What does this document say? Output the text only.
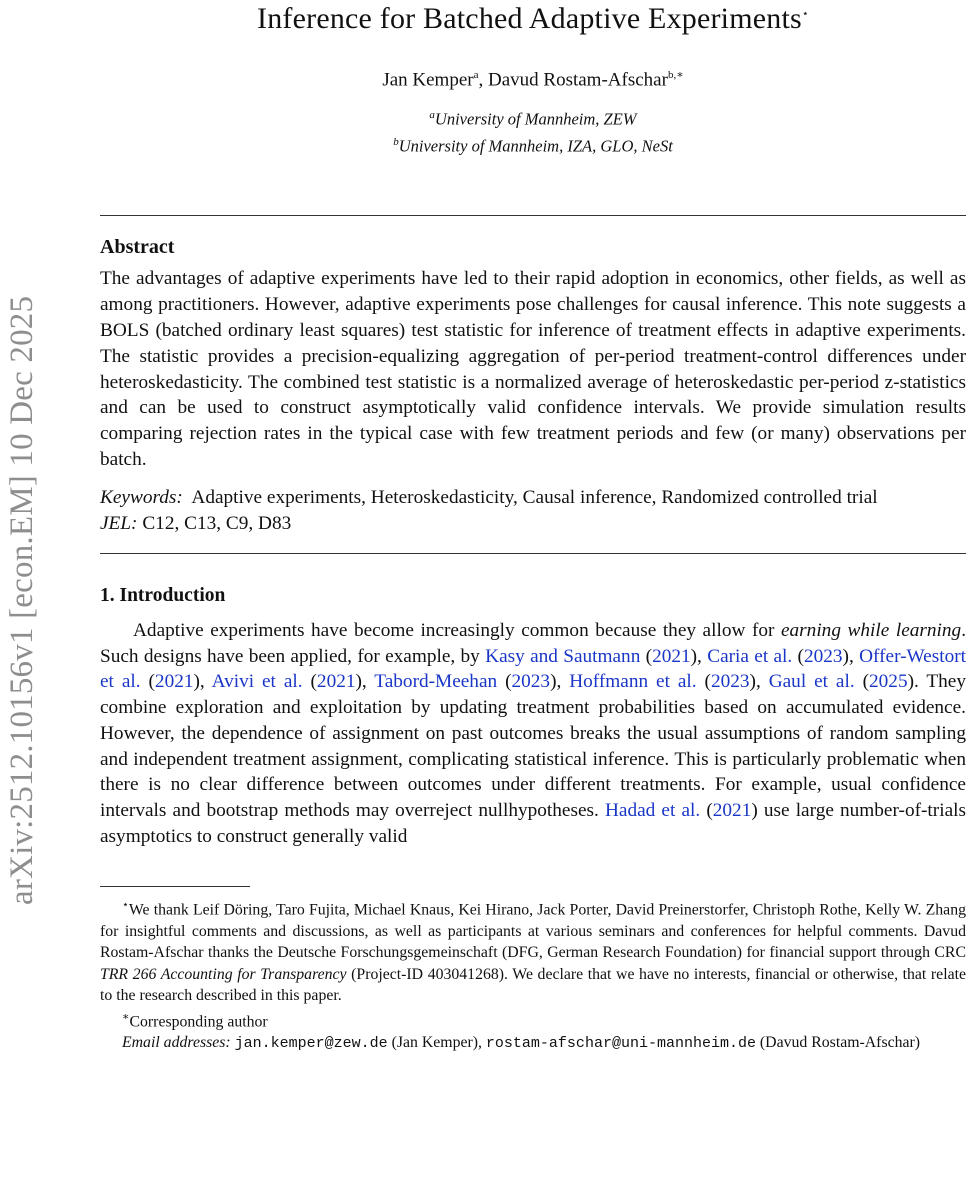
arXiv:2512.10156v1 [econ.EM] 10 Dec 2025
Inference for Batched Adaptive Experiments⋆
Jan Kemper$^a$, Davud Rostam-Afschar$^{b,∗}$
$^a$University of Mannheim, ZEW
$^b$University of Mannheim, IZA, GLO, NeSt
Abstract
The advantages of adaptive experiments have led to their rapid adoption in economics, other fields, as well as among practitioners. However, adaptive experiments pose challenges for causal inference. This note suggests a BOLS (batched ordinary least squares) test statistic for inference of treatment effects in adaptive experiments. The statistic provides a precision-equalizing aggregation of per-period treatment-control differences under heteroskedasticity. The combined test statistic is a normalized average of heteroskedastic per-period z-statistics and can be used to construct asymptotically valid confidence intervals. We provide simulation results comparing rejection rates in the typical case with few treatment periods and few (or many) observations per batch.
Keywords: Adaptive experiments, Heteroskedasticity, Causal inference, Randomized controlled trial
JEL: C12, C13, C9, D83
1. Introduction
Adaptive experiments have become increasingly common because they allow for earning while learning. Such designs have been applied, for example, by Kasy and Sautmann (2021), Caria et al. (2023), Offer-Westort et al. (2021), Avivi et al. (2021), Tabord-Meehan (2023), Hoffmann et al. (2023), Gaul et al. (2025). They combine exploration and exploitation by updating treatment probabilities based on accumulated evidence. However, the dependence of assignment on past outcomes breaks the usual assumptions of random sampling and independent treatment assignment, complicating statistical inference. This is particularly problematic when there is no clear difference between outcomes under different treatments. For example, usual confidence intervals and bootstrap methods may overreject nullhypotheses. Hadad et al. (2021) use large number-of-trials asymptotics to construct generally valid

⋆We thank Leif Döring, Taro Fujita, Michael Knaus, Kei Hirano, Jack Porter, David Preinerstorfer, Christoph Rothe, Kelly W. Zhang for insightful comments and discussions, as well as participants at various seminars and conferences for helpful comments. Davud Rostam-Afschar thanks the Deutsche Forschungsgemeinschaft (DFG, German Research Foundation) for financial support through CRC TRR 266 Accounting for Transparency (Project-ID 403041268). We declare that we have no interests, financial or otherwise, that relate to the research described in this paper.

∗Corresponding author

Email addresses: jan.kemper@zew.de (Jan Kemper), rostam-afschar@uni-mannheim.de (Davud Rostam-Afschar)
